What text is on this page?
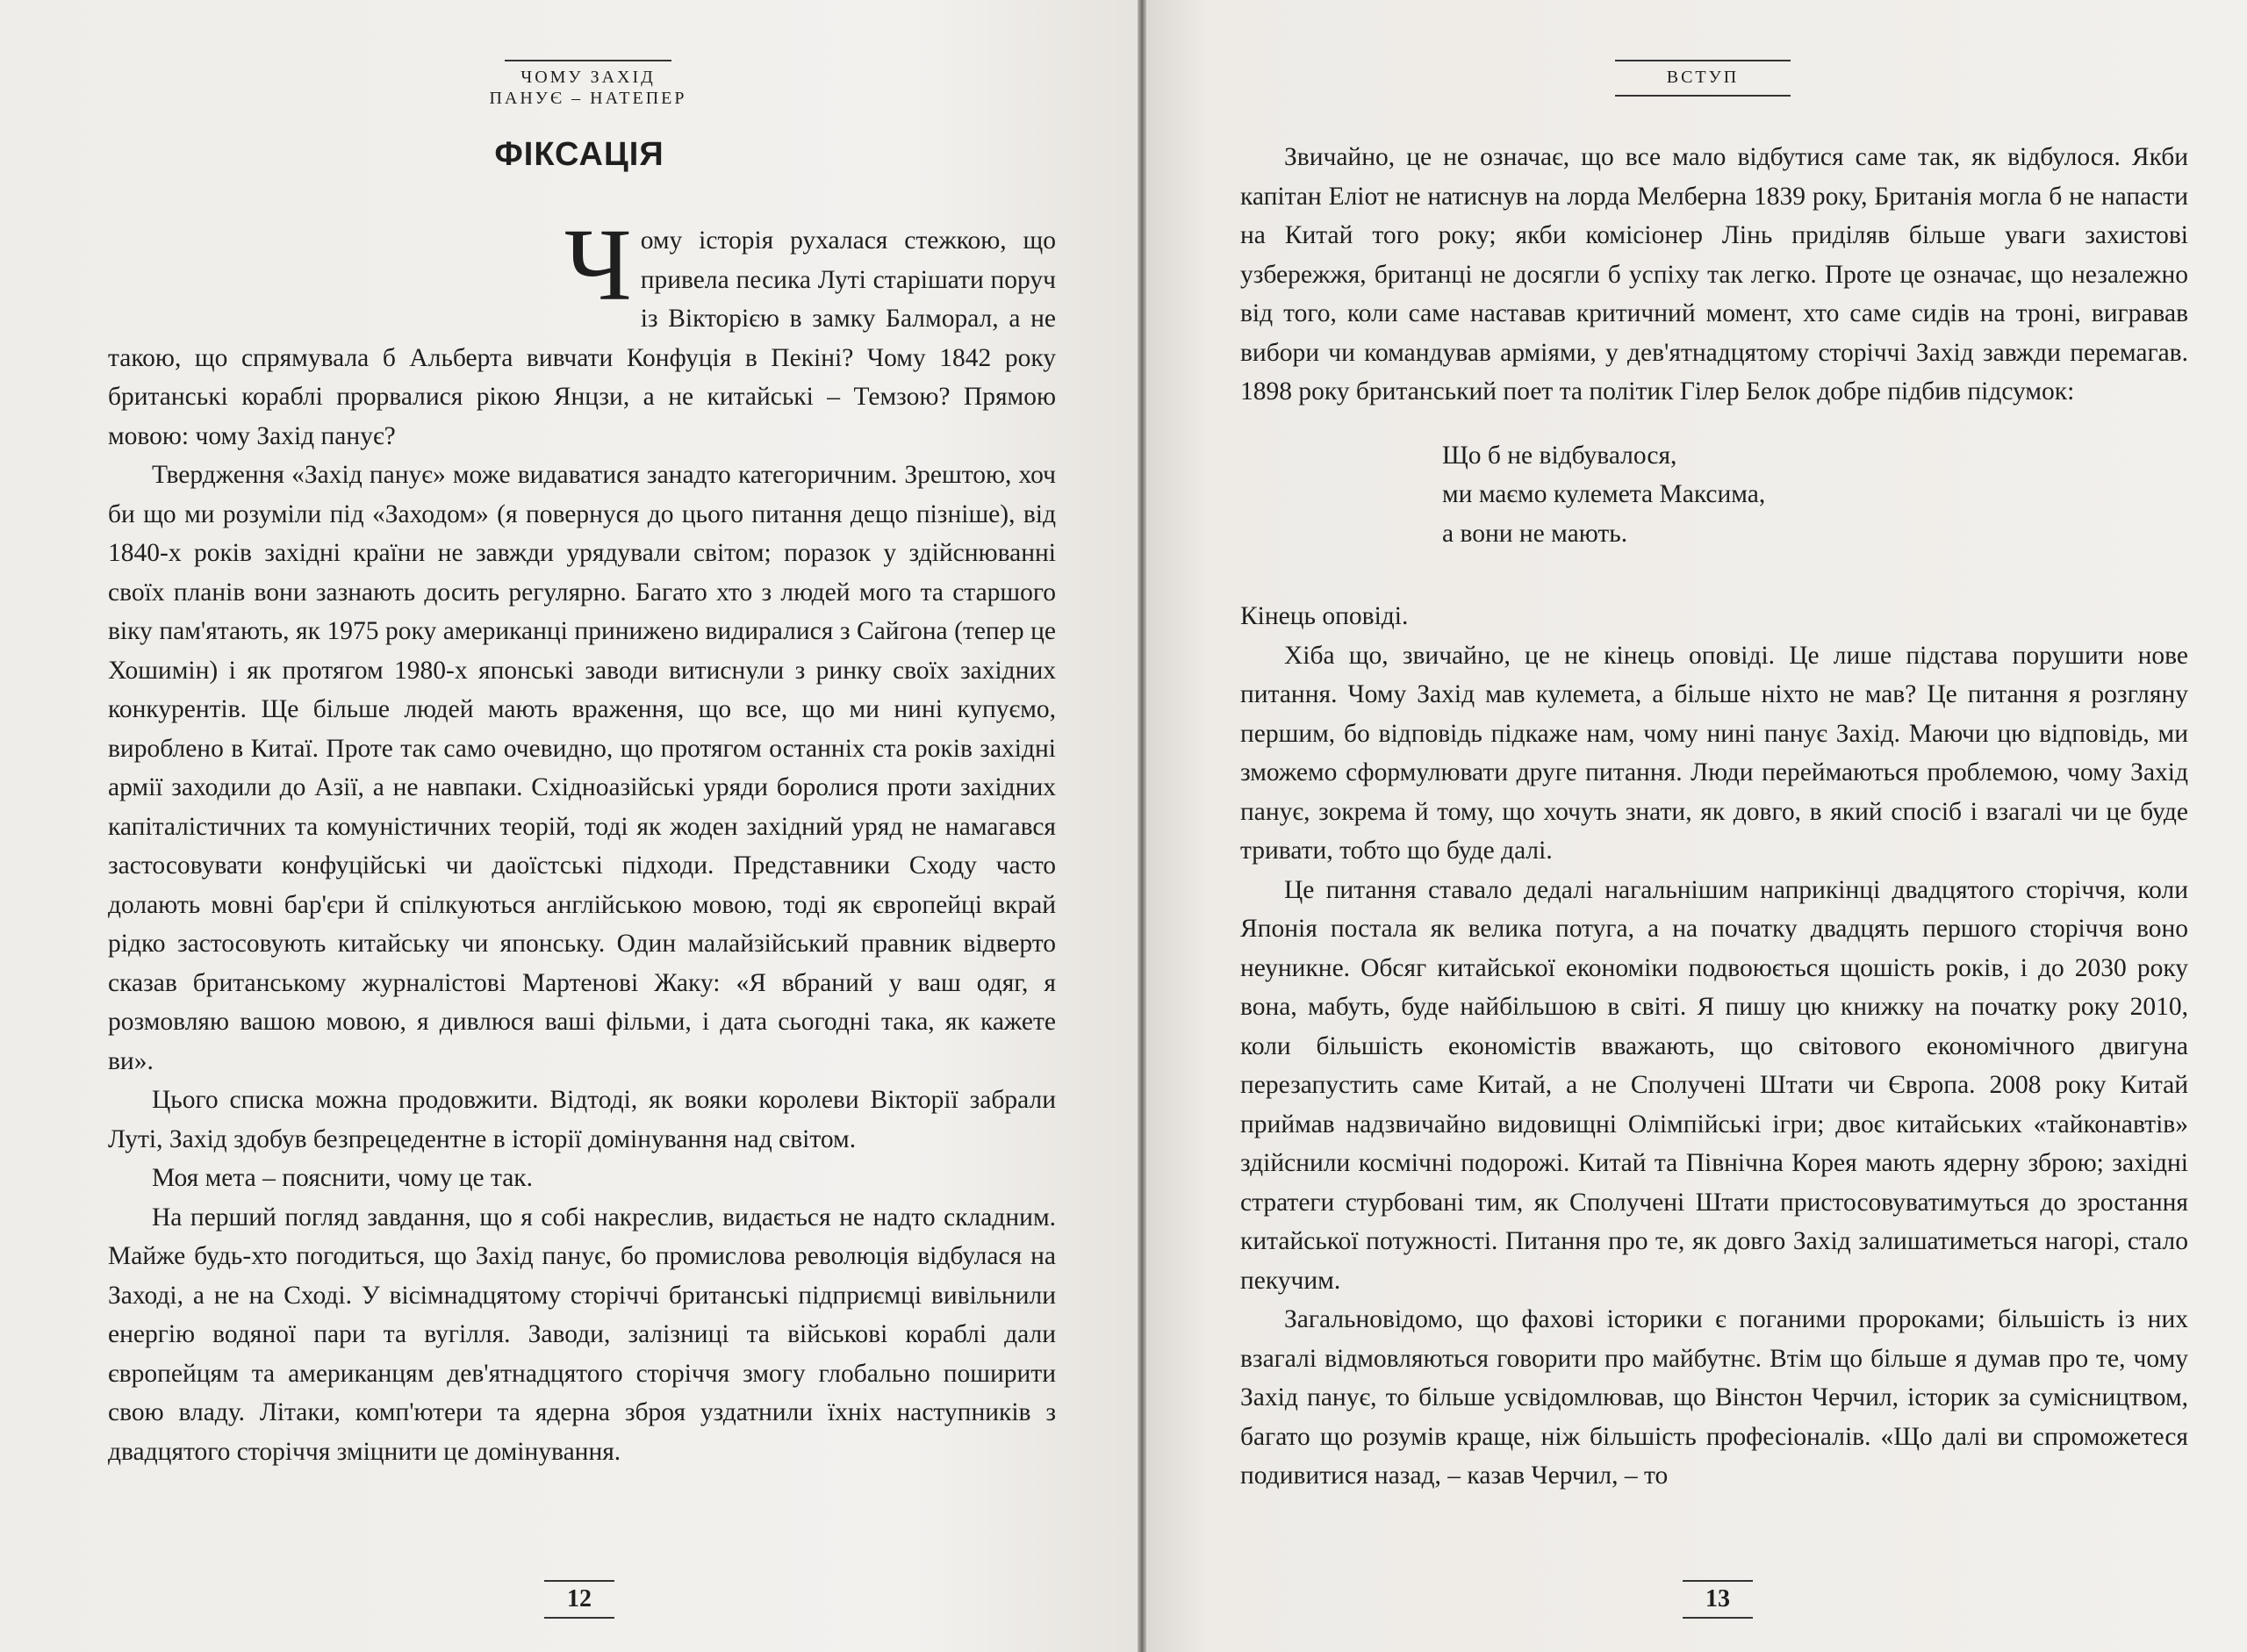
ЧОМУ ЗАХІД
ПАНУЄ – НАТЕПЕР
ФІКСАЦІЯ

Чому історія рухалася стежкою, що привела песика Луті старішати поруч із Вікторією в замку Балморал, а не такою, що спрямувала б Альберта вивчати Конфуція в Пекіні? Чому 1842 року британські кораблі прорвалися рікою Янцзи, а не китайські – Темзою? Прямою мовою: чому Захід панує?

Твердження «Захід панує» може видаватися занадто категоричним. Зрештою, хоч би що ми розуміли під «Заходом» (я повернуся до цього питання дещо пізніше), від 1840-х років західні країни не завжди урядували світом; поразок у здійснюванні своїх планів вони зазнають досить регулярно. Багато хто з людей мого та старшого віку пам'ятають, як 1975 року американці принижено видиралися з Сайгона (тепер це Хошимін) і як протягом 1980-х японські заводи витиснули з ринку своїх західних конкурентів. Ще більше людей мають враження, що все, що ми нині купуємо, вироблено в Китаї. Проте так само очевидно, що протягом останніх ста років західні армії заходили до Азії, а не навпаки. Східноазійські уряди боролися проти західних капіталістичних та комуністичних теорій, тоді як жоден західний уряд не намагався застосовувати конфуційські чи даоїстські підходи. Представники Сходу часто долають мовні бар'єри й спілкуються англійською мовою, тоді як європейці вкрай рідко застосовують китайську чи японську. Один малайзійський правник відверто сказав британському журналістові Мартенові Жаку: «Я вбраний у ваш одяг, я розмовляю вашою мовою, я дивлюся ваші фільми, і дата сьогодні така, як кажете ви».

Цього списка можна продовжити. Відтоді, як вояки королеви Вікторії забрали Луті, Захід здобув безпрецедентне в історії домінування над світом.

Моя мета – пояснити, чому це так.

На перший погляд завдання, що я собі накреслив, видається не надто складним. Майже будь-хто погодиться, що Захід панує, бо промислова революція відбулася на Заході, а не на Сході. У вісімнадцятому сторіччі британські підприємці вивільнили енергію водяної пари та вугілля. Заводи, залізниці та військові кораблі дали європейцям та американцям дев'ятнадцятого сторіччя змогу глобально поширити свою владу. Літаки, комп'ютери та ядерна зброя уздатнили їхніх наступників з двадцятого сторіччя зміцнити це домінування.

12
ВСТУП

Звичайно, це не означає, що все мало відбутися саме так, як відбулося. Якби капітан Еліот не натиснув на лорда Мелберна 1839 року, Британія могла б не напасти на Китай того року; якби комісіонер Лінь приділяв більше уваги захистові узбережжя, британці не досягли б успіху так легко. Проте це означає, що незалежно від того, коли саме наставав критичний момент, хто саме сидів на троні, вигравав вибори чи командував арміями, у дев'ятнадцятому сторіччі Захід завжди перемагав. 1898 року британський поет та політик Гілер Белок добре підбив підсумок:

Що б не відбувалося,
ми маємо кулемета Максима,
а вони не мають.

Кінець оповіді.

Хіба що, звичайно, це не кінець оповіді. Це лише підстава порушити нове питання. Чому Захід мав кулемета, а більше ніхто не мав? Це питання я розгляну першим, бо відповідь підкаже нам, чому нині панує Захід. Маючи цю відповідь, ми зможемо сформулювати друге питання. Люди переймаються проблемою, чому Захід панує, зокрема й тому, що хочуть знати, як довго, в який спосіб і взагалі чи це буде тривати, тобто що буде далі.

Це питання ставало дедалі нагальнішим наприкінці двадцятого сторіччя, коли Японія постала як велика потуга, а на початку двадцять першого сторіччя воно неуникне. Обсяг китайської економіки подвоюється щошість років, і до 2030 року вона, мабуть, буде найбільшою в світі. Я пишу цю книжку на початку року 2010, коли більшість економістів вважають, що світового економічного двигуна перезапустить саме Китай, а не Сполучені Штати чи Європа. 2008 року Китай приймав надзвичайно видовищні Олімпійські ігри; двоє китайських «тайконавтів» здійснили космічні подорожі. Китай та Північна Корея мають ядерну зброю; західні стратеги стурбовані тим, як Сполучені Штати пристосовуватимуться до зростання китайської потужності. Питання про те, як довго Захід залишатиметься нагорі, стало пекучим.

Загальновідомо, що фахові історики є поганими пророками; більшість із них взагалі відмовляються говорити про майбутнє. Втім що більше я думав про те, чому Захід панує, то більше усвідомлював, що Вінстон Черчил, історик за сумісництвом, багато що розумів краще, ніж більшість професіоналів. «Що далі ви спроможетеся подивитися назад, – казав Черчил, – то

13
